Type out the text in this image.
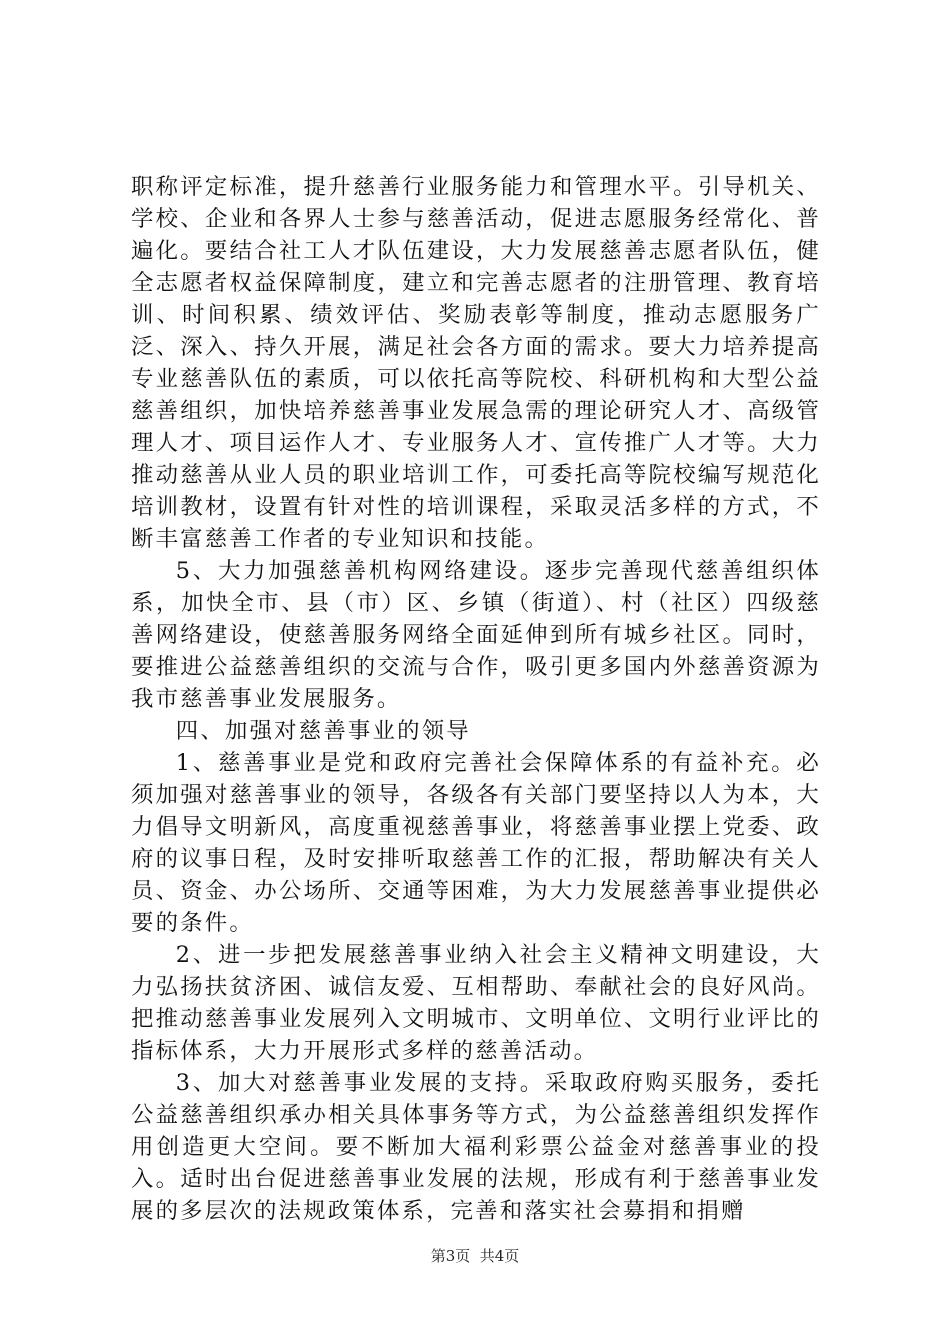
职称评定标准，提升慈善行业服务能力和管理水平。引导机关、学校、企业和各界人士参与慈善活动，促进志愿服务经常化、普遍化。要结合社工人才队伍建设，大力发展慈善志愿者队伍，健全志愿者权益保障制度，建立和完善志愿者的注册管理、教育培训、时间积累、绩效评估、奖励表彰等制度，推动志愿服务广泛、深入、持久开展，满足社会各方面的需求。要大力培养提高专业慈善队伍的素质，可以依托高等院校、科研机构和大型公益慈善组织，加快培养慈善事业发展急需的理论研究人才、高级管理人才、项目运作人才、专业服务人才、宣传推广人才等。大力推动慈善从业人员的职业培训工作，可委托高等院校编写规范化培训教材，设置有针对性的培训课程，采取灵活多样的方式，不断丰富慈善工作者的专业知识和技能。

5、大力加强慈善机构网络建设。逐步完善现代慈善组织体系，加快全市、县（市）区、乡镇（街道）、村（社区）四级慈善网络建设，使慈善服务网络全面延伸到所有城乡社区。同时，要推进公益慈善组织的交流与合作，吸引更多国内外慈善资源为我市慈善事业发展服务。

四、加强对慈善事业的领导

1、慈善事业是党和政府完善社会保障体系的有益补充。必须加强对慈善事业的领导，各级各有关部门要坚持以人为本，大力倡导文明新风，高度重视慈善事业，将慈善事业摆上党委、政府的议事日程，及时安排听取慈善工作的汇报，帮助解决有关人员、资金、办公场所、交通等困难，为大力发展慈善事业提供必要的条件。

2、进一步把发展慈善事业纳入社会主义精神文明建设，大力弘扬扶贫济困、诚信友爱、互相帮助、奉献社会的良好风尚。把推动慈善事业发展列入文明城市、文明单位、文明行业评比的指标体系，大力开展形式多样的慈善活动。

3、加大对慈善事业发展的支持。采取政府购买服务，委托公益慈善组织承办相关具体事务等方式，为公益慈善组织发挥作用创造更大空间。要不断加大福利彩票公益金对慈善事业的投入。适时出台促进慈善事业发展的法规，形成有利于慈善事业发展的多层次的法规政策体系，完善和落实社会募捐和捐赠

第3页  共4页
